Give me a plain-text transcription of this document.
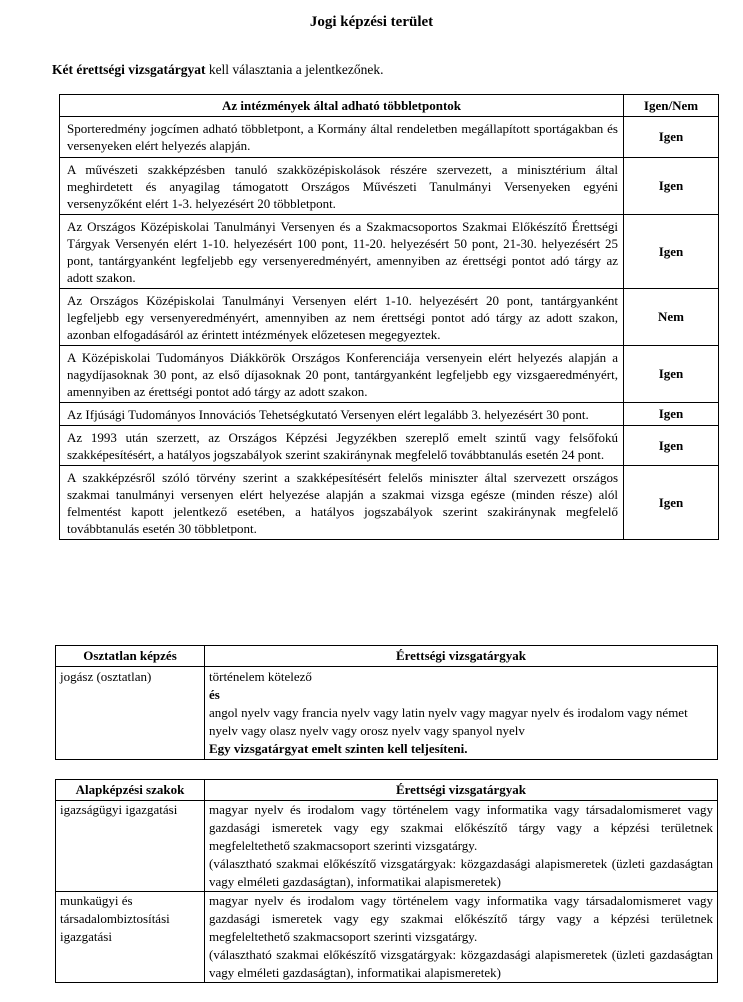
Jogi képzési terület
Két érettségi vizsgatárgyat kell választania a jelentkezőnek.
Az intézmények által adható többletpontok	Igen/Nem
Sporteredmény jogcímen adható többletpont, a Kormány által rendeletben megállapított sportágakban és versenyeken elért helyezés alapján.	Igen
A művészeti szakképzésben tanuló szakközépiskolások részére szervezett, a minisztérium által meghirdetett és anyagilag támogatott Országos Művészeti Tanulmányi Versenyeken egyéni versenyzőként elért 1-3. helyezésért 20 többletpont.	Igen
Az Országos Középiskolai Tanulmányi Versenyen és a Szakmacsoportos Szakmai Előkészítő Érettségi Tárgyak Versenyén elért 1-10. helyezésért 100 pont, 11-20. helyezésért 50 pont, 21-30. helyezésért 25 pont, tantárgyanként legfeljebb egy versenyeredményért, amennyiben az érettségi pontot adó tárgy az adott szakon.	Igen
Az Országos Középiskolai Tanulmányi Versenyen elért 1-10. helyezésért 20 pont, tantárgyanként legfeljebb egy versenyeredményért, amennyiben az nem érettségi pontot adó tárgy az adott szakon, azonban elfogadásáról az érintett intézmények előzetesen megegyeztek.	Nem
A Középiskolai Tudományos Diákkörök Országos Konferenciája versenyein elért helyezés alapján a nagydíjasoknak 30 pont, az első díjasoknak 20 pont, tantárgyanként legfeljebb egy vizsgaeredményért, amennyiben az érettségi pontot adó tárgy az adott szakon.	Igen
Az Ifjúsági Tudományos Innovációs Tehetségkutató Versenyen elért legalább 3. helyezésért 30 pont.	Igen
Az 1993 után szerzett, az Országos Képzési Jegyzékben szereplő emelt szintű vagy felsőfokú szakképesítésért, a hatályos jogszabályok szerint szakiránynak megfelelő továbbtanulás esetén 24 pont.	Igen
A szakképzésről szóló törvény szerint a szakképesítésért felelős miniszter által szervezett országos szakmai tanulmányi versenyen elért helyezése alapján a szakmai vizsga egésze (minden része) alól felmentést kapott jelentkező esetében, a hatályos jogszabályok szerint szakiránynak megfelelő továbbtanulás esetén 30 többletpont.	Igen
Osztatlan képzés	Érettségi vizsgatárgyak
jogász (osztatlan)	történelem kötelező
és
angol nyelv vagy francia nyelv vagy latin nyelv vagy magyar nyelv és irodalom vagy német nyelv vagy olasz nyelv vagy orosz nyelv vagy spanyol nyelv
Egy vizsgatárgyat emelt szinten kell teljesíteni.
Alapképzési szakok	Érettségi vizsgatárgyak
igazságügyi igazgatási	magyar nyelv és irodalom vagy történelem vagy informatika vagy társadalomismeret vagy gazdasági ismeretek vagy egy szakmai előkészítő tárgy vagy a képzési területnek megfeleltethető szakmacsoport szerinti vizsgatárgy.
(választható szakmai előkészítő vizsgatárgyak: közgazdasági alapismeretek (üzleti gazdaságtan vagy elméleti gazdaságtan), informatikai alapismeretek)

munkaügyi és társadalombiztosítási igazgatási	magyar nyelv és irodalom vagy történelem vagy informatika vagy társadalomismeret vagy gazdasági ismeretek vagy egy szakmai előkészítő tárgy vagy a képzési területnek megfeleltethető szakmacsoport szerinti vizsgatárgy.
(választható szakmai előkészítő vizsgatárgyak: közgazdasági alapismeretek (üzleti gazdaságtan vagy elméleti gazdaságtan), informatikai alapismeretek)
